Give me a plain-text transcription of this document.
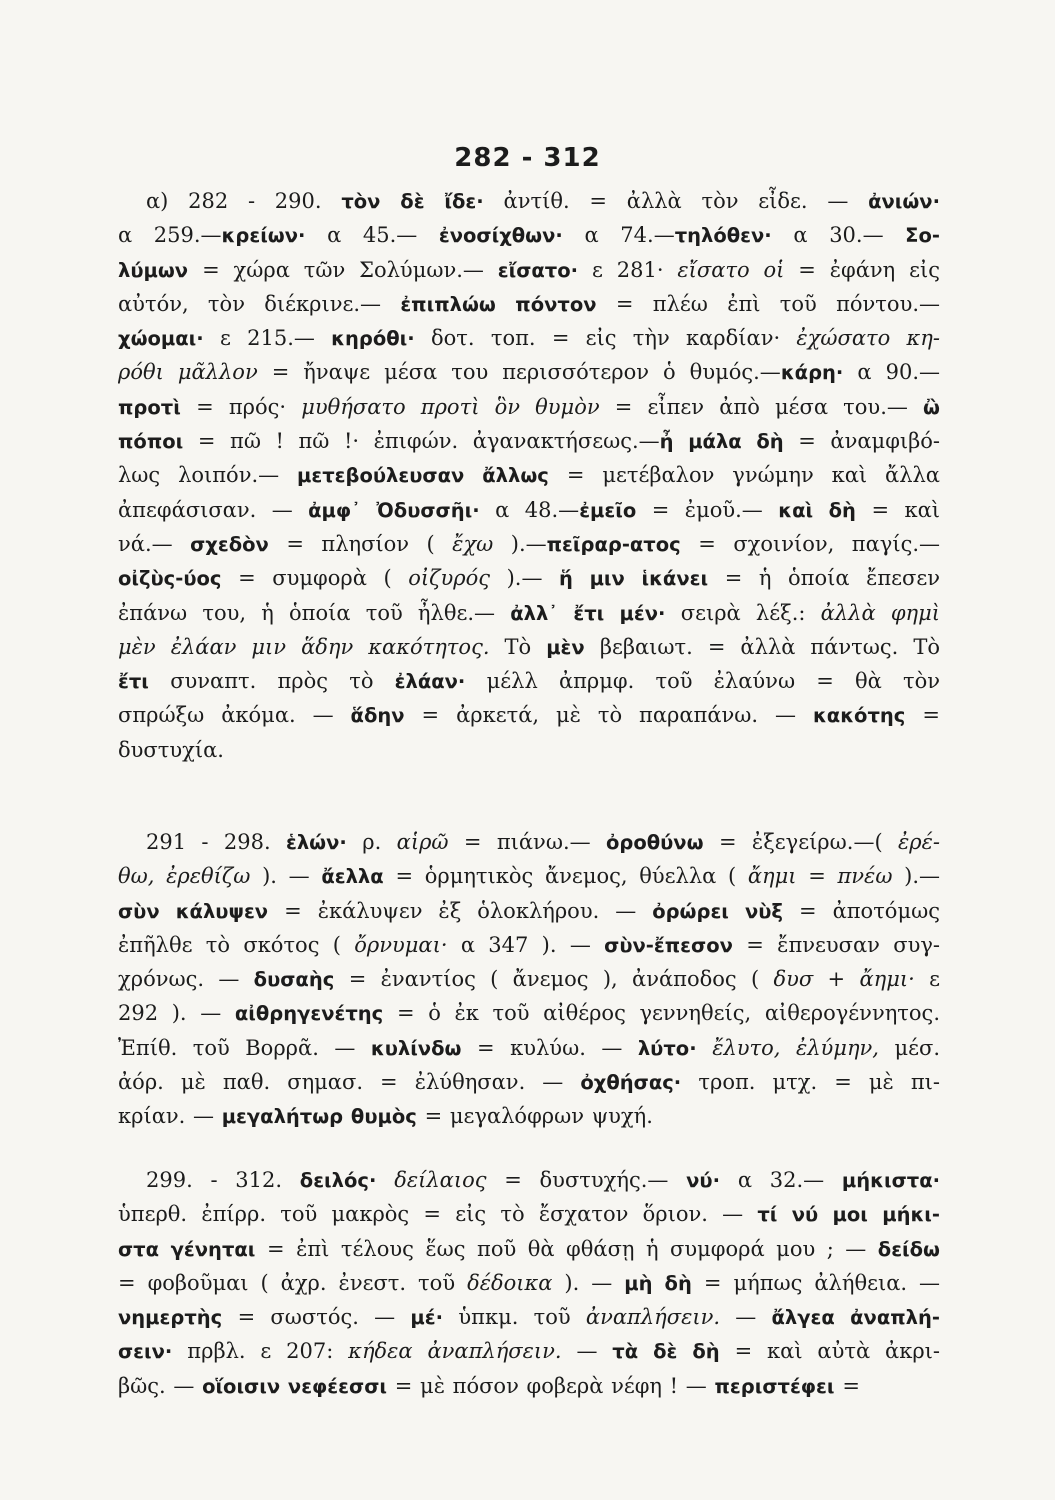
282 - 312
α) 282 - 290. τὸν δὲ ἴδε· ἀντίθ. = ἀλλὰ τὸν εἶδε. — ἀνιών·
α 259.—κρείων· α 45.— ἐνοσίχθων· α 74.—τηλόθεν· α 30.— Σο-
λύμων = χώρα τῶν Σολύμων.— εἴσατο· ε 281· εἴσατο οἱ = ἐφάνη εἰς
αὐτόν, τὸν διέκρινε.— ἐπιπλώω πόντον = πλέω ἐπὶ τοῦ πόντου.—
χώομαι· ε 215.— κηρόθι· δοτ. τοπ. = εἰς τὴν καρδίαν· ἐχώσατο κη-
ρόθι μᾶλλον = ἤναψε μέσα του περισσότερον ὁ θυμός.—κάρη· α 90.—
προτὶ = πρός· μυθήσατο προτὶ ὃν θυμὸν = εἶπεν ἀπὸ μέσα του.— ὢ
πόποι = πῶ ! πῶ !· ἐπιφών. ἀγανακτήσεως.—ἦ μάλα δὴ = ἀναμφιβό-
λως λοιπόν.— μετεβούλευσαν ἄλλως = μετέβαλον γνώμην καὶ ἄλλα
ἀπεφάσισαν. — ἀμφ᾽ Ὀδυσσῆι· α 48.—ἐμεῖο = ἐμοῦ.— καὶ δὴ = καὶ
νά.— σχεδὸν = πλησίον ( ἔχω ).—πεῖραρ-ατος = σχοινίον, παγίς.—
οἰζὺς-ύος = συμφορὰ ( οἰζυρός ).— ἥ μιν ἱκάνει = ἡ ὁποία ἔπεσεν
ἐπάνω του, ἡ ὁποία τοῦ ἦλθε.— ἀλλ᾽ ἔτι μέν· σειρὰ λέξ.: ἀλλὰ φημὶ
μὲν ἐλάαν μιν ἅδην κακότητος. Τὸ μὲν βεβαιωτ. = ἀλλὰ πάντως. Τὸ
ἔτι συναπτ. πρὸς τὸ ἐλάαν· μέλλ ἀπρμφ. τοῦ ἐλαύνω = θὰ τὸν
σπρώξω ἀκόμα. — ἅδην = ἀρκετά, μὲ τὸ παραπάνω. — κακότης =
δυστυχία.
291 - 298. ἑλών· ρ. αἱρῶ = πιάνω.— ὀροθύνω = ἐξεγείρω.—( ἐρέ-
θω, ἐρεθίζω ). — ἄελλα = ὁρμητικὸς ἄνεμος, θύελλα ( ἄημι = πνέω ).—
σὺν κάλυψεν = ἐκάλυψεν ἐξ ὁλοκλήρου. — ὀρώρει νὺξ = ἀποτόμως
ἐπῆλθε τὸ σκότος ( ὄρνυμαι· α 347 ). — σὺν-ἔπεσον = ἔπνευσαν συγ-
χρόνως. — δυσαὴς = ἐναντίος ( ἄνεμος ), ἀνάποδος ( δυσ + ἄημι· ε
292 ). — αἰθρηγενέτης = ὁ ἐκ τοῦ αἰθέρος γεννηθείς, αἰθερογέννητος.
Ἐπίθ. τοῦ Βορρᾶ. — κυλίνδω = κυλύω. — λύτο· ἔλυτο, ἐλύμην, μέσ.
ἀόρ. μὲ παθ. σημασ. = ἐλύθησαν. — ὀχθήσας· τροπ. μτχ. = μὲ πι-
κρίαν. — μεγαλήτωρ θυμὸς = μεγαλόφρων ψυχή.
299. - 312. δειλός· δείλαιος = δυστυχής.— νύ· α 32.— μήκιστα·
ὑπερθ. ἐπίρρ. τοῦ μακρὸς = εἰς τὸ ἔσχατον ὅριον. — τί νύ μοι μήκι-
στα γένηται = ἐπὶ τέλους ἕως ποῦ θὰ φθάσῃ ἡ συμφορά μου ; — δείδω
= φοβοῦμαι ( ἀχρ. ἐνεστ. τοῦ δέδοικα ). — μὴ δὴ = μήπως ἀλήθεια. —
νημερτὴς = σωστός. — μέ· ὑπκμ. τοῦ ἀναπλήσειν. — ἄλγεα ἀναπλή-
σειν· πρβλ. ε 207: κήδεα ἀναπλήσειν. — τὰ δὲ δὴ = καὶ αὐτὰ ἀκρι-
βῶς. — οἵοισιν νεφέεσσι = μὲ πόσον φοβερὰ νέφη ! — περιστέφει =
